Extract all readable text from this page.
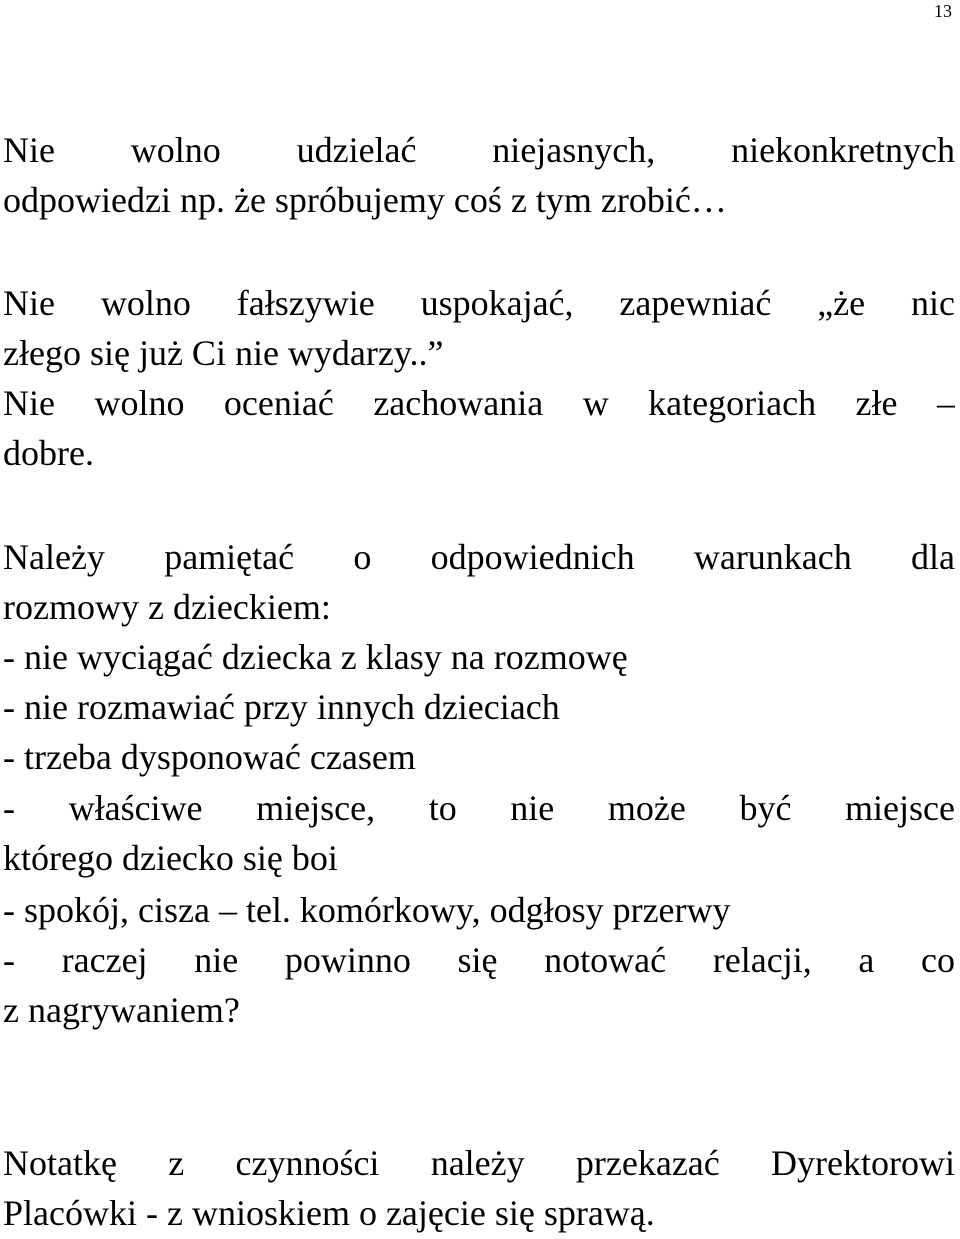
13
Nie wolno udzielać niejasnych, niekonkretnych
odpowiedzi np. że spróbujemy coś z tym zrobić…
Nie wolno fałszywie uspokajać, zapewniać „że nic
złego się już Ci nie wydarzy..”
Nie wolno oceniać zachowania w kategoriach złe –
dobre.
Należy pamiętać o odpowiednich warunkach dla
rozmowy z dzieckiem:
- nie wyciągać dziecka z klasy na rozmowę
- nie rozmawiać przy innych dzieciach
- trzeba dysponować czasem
- właściwe miejsce, to nie może być miejsce
którego dziecko się boi
- spokój, cisza – tel. komórkowy, odgłosy przerwy
- raczej nie powinno się notować relacji, a co
z nagrywaniem?
Notatkę z czynności należy przekazać Dyrektorowi
Placówki - z wnioskiem o zajęcie się sprawą.
